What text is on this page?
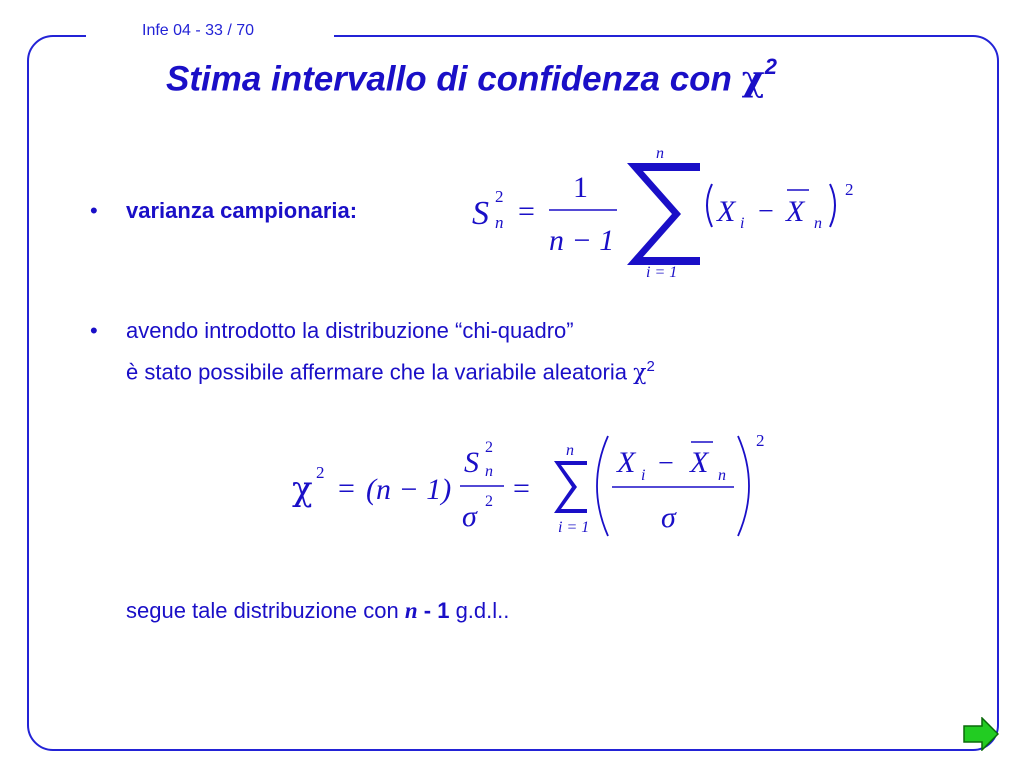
Infe 04 - 33 / 70
Stima intervallo di confidenza con $\chi^2$
• varianza campionaria:	S 2
n =
1
n − 1
n
i = 1
X i − X n
2
• avendo introdotto la distribuzione “chi-quadro”
è stato possibile affermare che la variabile aleatoria $\chi^2$
χ 2 = (n − 1)
S 2
n
σ 2 =
n
i = 1
X i − X n
σ
2
segue tale distribuzione con n - 1 g.d.l..
